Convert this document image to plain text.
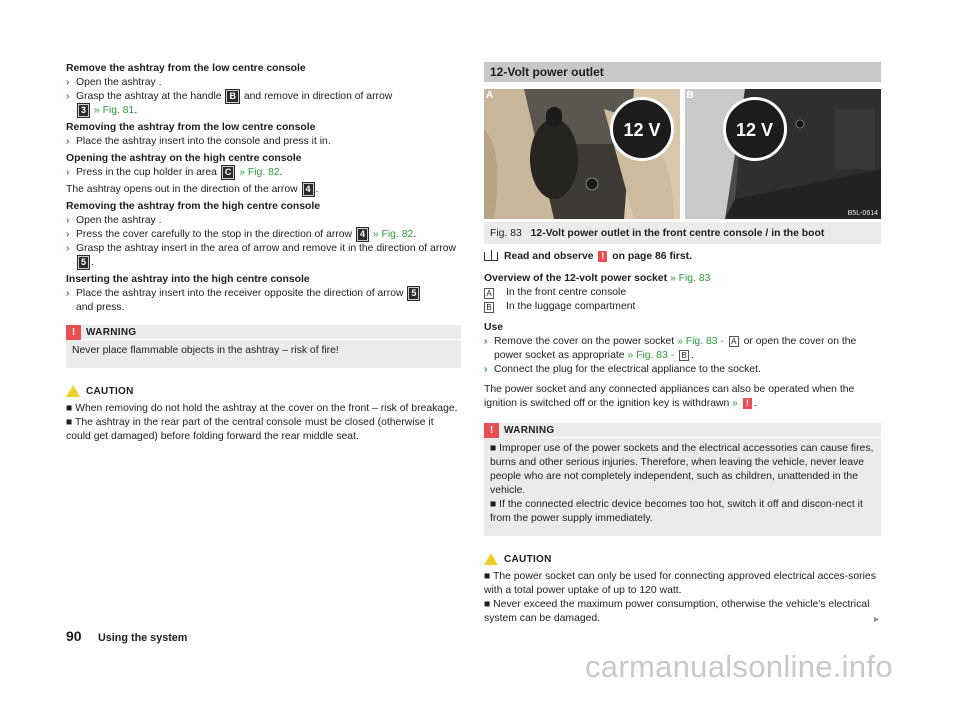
Remove the ashtray from the low centre console
› Open the ashtray .
› Grasp the ashtray at the handle B and remove in direction of arrow
3 » Fig. 81.
Removing the ashtray from the low centre console
› Place the ashtray insert into the console and press it in.
Opening the ashtray on the high centre console
› Press in the cup holder in area C » Fig. 82.
The ashtray opens out in the direction of the arrow 4 .
Removing the ashtray from the high centre console
› Open the ashtray .
› Press the cover carefully to the stop in the direction of arrow 4 » Fig. 82.
› Grasp the ashtray insert in the area of arrow and remove it in the direction of arrow 5 .
Inserting the ashtray into the high centre console
› Place the ashtray insert into the receiver opposite the direction of arrow 5
and press.
!	WARNING
Never place flammable objects in the ashtray – risk of fire!
CAUTION
■ When removing do not hold the ashtray at the cover on the front – risk of breakage.
■ The ashtray in the rear part of the central console must be closed (otherwise it could get damaged) before folding forward the rear middle seat.
12-Volt power outlet
A
12 V
B
12 V
B5L-0614
Fig. 83 12-Volt power outlet in the front centre console / in the boot
Read and observe ! on page 86 first.
Overview of the 12-volt power socket » Fig. 83
A In the front centre console
B In the luggage compartment
Use
› Remove the cover on the power socket » Fig. 83 - A or open the cover on the power socket as appropriate » Fig. 83 - B .
› Connect the plug for the electrical appliance to the socket.
The power socket and any connected appliances can also be operated when the ignition is switched off or the ignition key is withdrawn » ! .
!	WARNING
■ Improper use of the power sockets and the electrical accessories can cause fires, burns and other serious injuries. Therefore, when leaving the vehicle, never leave people who are not completely independent, such as children, unattended in the vehicle.
■ If the connected electric device becomes too hot, switch it off and discon-nect it from the power supply immediately.
CAUTION
■ The power socket can only be used for connecting approved electrical acces-sories with a total power uptake of up to 120 watt.
■ Never exceed the maximum power consumption, otherwise the vehicle's electrical system can be damaged.	►
90 Using the system
carmanualsonline.info
